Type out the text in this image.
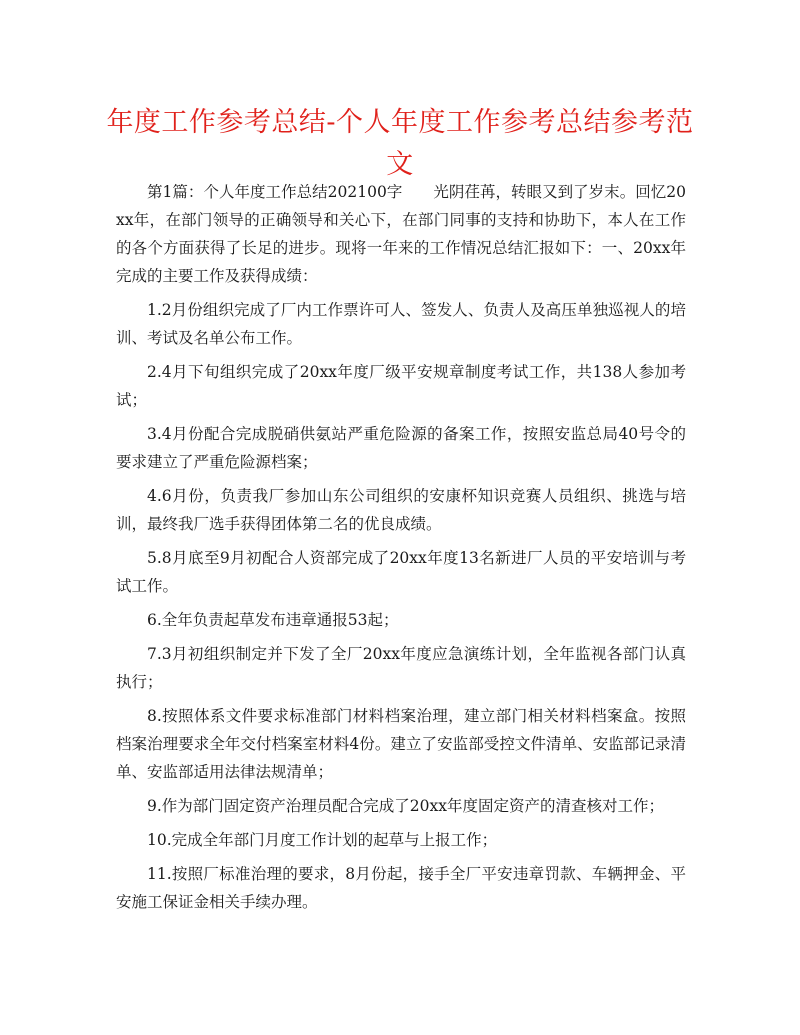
年度工作参考总结-个人年度工作参考总结参考范文

第1篇：个人年度工作总结202100字　　光阴荏苒，转眼又到了岁末。回忆20xx年，在部门领导的正确领导和关心下，在部门同事的支持和协助下，本人在工作的各个方面获得了长足的进步。现将一年来的工作情况总结汇报如下：一、20xx年完成的主要工作及获得成绩：

1.2月份组织完成了厂内工作票许可人、签发人、负责人及高压单独巡视人的培训、考试及名单公布工作。

2.4月下旬组织完成了20xx年度厂级平安规章制度考试工作，共138人参加考试；

3.4月份配合完成脱硝供氨站严重危险源的备案工作，按照安监总局40号令的要求建立了严重危险源档案；

4.6月份，负责我厂参加山东公司组织的安康杯知识竞赛人员组织、挑选与培训，最终我厂选手获得团体第二名的优良成绩。

5.8月底至9月初配合人资部完成了20xx年度13名新进厂人员的平安培训与考试工作。

6.全年负责起草发布违章通报53起；

7.3月初组织制定并下发了全厂20xx年度应急演练计划，全年监视各部门认真执行；

8.按照体系文件要求标准部门材料档案治理，建立部门相关材料档案盒。按照档案治理要求全年交付档案室材料4份。建立了安监部受控文件清单、安监部记录清单、安监部适用法律法规清单；

9.作为部门固定资产治理员配合完成了20xx年度固定资产的清查核对工作；

10.完成全年部门月度工作计划的起草与上报工作；

11.按照厂标准治理的要求，8月份起，接手全厂平安违章罚款、车辆押金、平安施工保证金相关手续办理。
